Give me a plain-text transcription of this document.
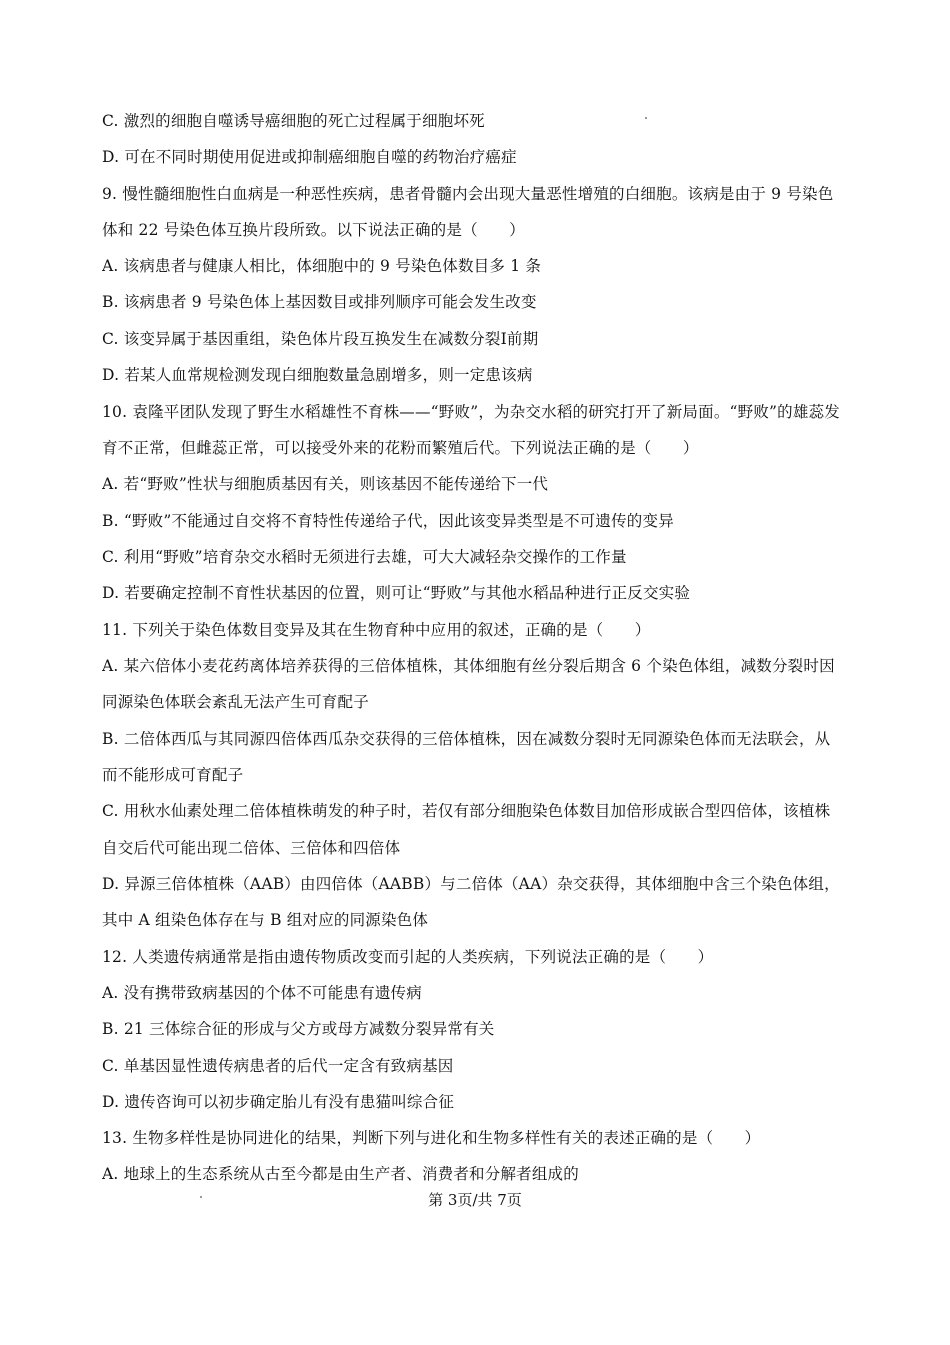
C. 激烈的细胞自噬诱导癌细胞的死亡过程属于细胞坏死
D. 可在不同时期使用促进或抑制癌细胞自噬的药物治疗癌症
9. 慢性髓细胞性白血病是一种恶性疾病，患者骨髓内会出现大量恶性增殖的白细胞。该病是由于 9 号染色
体和 22 号染色体互换片段所致。以下说法正确的是（　　）
A. 该病患者与健康人相比，体细胞中的 9 号染色体数目多 1 条
B. 该病患者 9 号染色体上基因数目或排列顺序可能会发生改变
C. 该变异属于基因重组，染色体片段互换发生在减数分裂Ⅰ前期
D. 若某人血常规检测发现白细胞数量急剧增多，则一定患该病
10. 袁隆平团队发现了野生水稻雄性不育株——“野败”，为杂交水稻的研究打开了新局面。“野败”的雄蕊发
育不正常，但雌蕊正常，可以接受外来的花粉而繁殖后代。下列说法正确的是（　　）
A. 若“野败”性状与细胞质基因有关，则该基因不能传递给下一代
B. “野败”不能通过自交将不育特性传递给子代，因此该变异类型是不可遗传的变异
C. 利用“野败”培育杂交水稻时无须进行去雄，可大大减轻杂交操作的工作量
D. 若要确定控制不育性状基因的位置，则可让“野败”与其他水稻品种进行正反交实验
11. 下列关于染色体数目变异及其在生物育种中应用的叙述，正确的是（　　）
A. 某六倍体小麦花药离体培养获得的三倍体植株，其体细胞有丝分裂后期含 6 个染色体组，减数分裂时因
同源染色体联会紊乱无法产生可育配子
B. 二倍体西瓜与其同源四倍体西瓜杂交获得的三倍体植株，因在减数分裂时无同源染色体而无法联会，从
而不能形成可育配子
C. 用秋水仙素处理二倍体植株萌发的种子时，若仅有部分细胞染色体数目加倍形成嵌合型四倍体，该植株
自交后代可能出现二倍体、三倍体和四倍体
D. 异源三倍体植株（AAB）由四倍体（AABB）与二倍体（AA）杂交获得，其体细胞中含三个染色体组，
其中 A 组染色体存在与 B 组对应的同源染色体
12. 人类遗传病通常是指由遗传物质改变而引起的人类疾病，下列说法正确的是（　　）
A. 没有携带致病基因的个体不可能患有遗传病
B. 21 三体综合征的形成与父方或母方减数分裂异常有关
C. 单基因显性遗传病患者的后代一定含有致病基因
D. 遗传咨询可以初步确定胎儿有没有患猫叫综合征
13. 生物多样性是协同进化的结果，判断下列与进化和生物多样性有关的表述正确的是（　　）
A. 地球上的生态系统从古至今都是由生产者、消费者和分解者组成的
第 3页/共 7页
